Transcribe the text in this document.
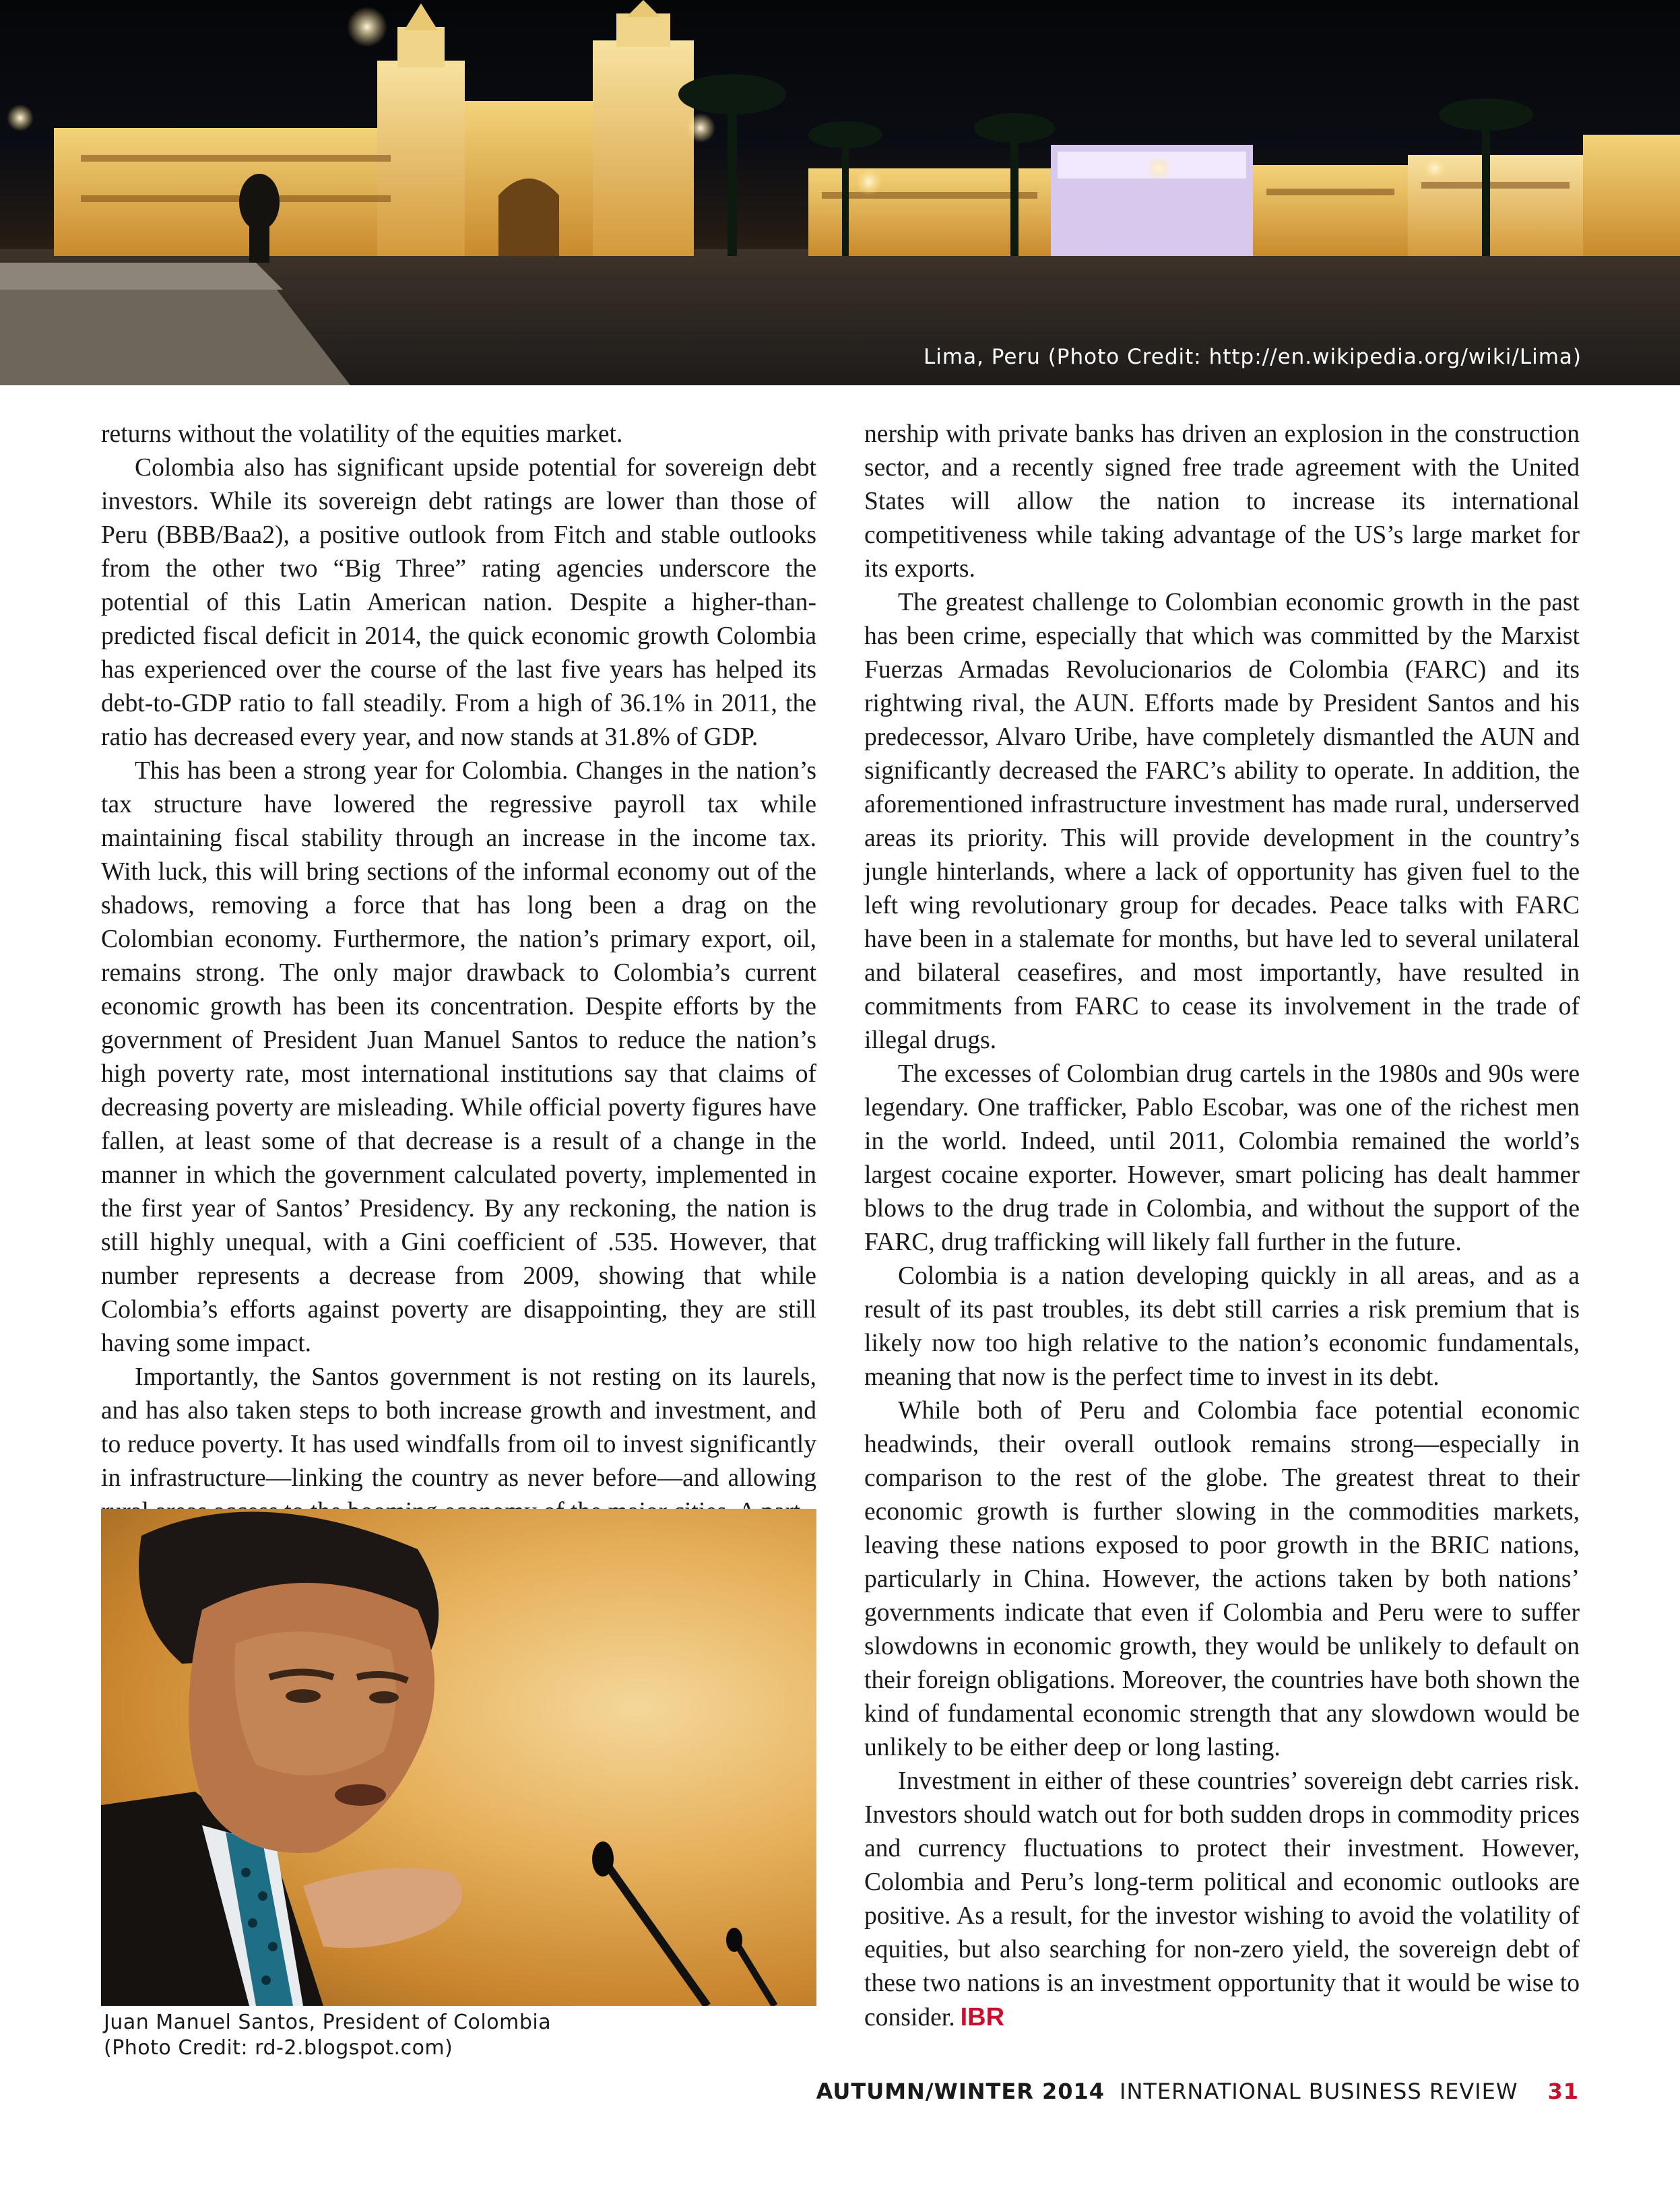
Lima, Peru (Photo Credit: http://en.wikipedia.org/wiki/Lima)

returns without the volatility of the equities market.

Colombia also has significant upside potential for sovereign debt investors. While its sovereign debt ratings are lower than those of Peru (BBB/Baa2), a positive outlook from Fitch and stable outlooks from the other two “Big Three” rating agencies underscore the potential of this Latin American nation. Despite a higher-than-predicted fiscal deficit in 2014, the quick economic growth Colombia has experienced over the course of the last five years has helped its debt-to-GDP ratio to fall steadily. From a high of 36.1% in 2011, the ratio has decreased every year, and now stands at 31.8% of GDP.

This has been a strong year for Colombia. Changes in the nation’s tax structure have lowered the regressive payroll tax while maintaining fiscal stability through an increase in the income tax. With luck, this will bring sections of the informal economy out of the shadows, removing a force that has long been a drag on the Colombian economy. Furthermore, the nation’s primary export, oil, remains strong. The only major drawback to Colombia’s current economic growth has been its concentration. Despite efforts by the government of President Juan Manuel Santos to reduce the nation’s high poverty rate, most international institutions say that claims of decreasing poverty are misleading. While official poverty figures have fallen, at least some of that decrease is a result of a change in the manner in which the government calculated poverty, implemented in the first year of Santos’ Presidency. By any reckoning, the nation is still highly unequal, with a Gini coefficient of .535. However, that number represents a decrease from 2009, showing that while Colombia’s efforts against poverty are disappointing, they are still having some impact.

Importantly, the Santos government is not resting on its laurels, and has also taken steps to both increase growth and investment, and to reduce poverty. It has used windfalls from oil to invest significantly in infrastructure—linking the country as never before—and allowing

Juan Manuel Santos, President of Colombia
(Photo Credit: rd-2.blogspot.com)

nership with private banks has driven an explosion in the construction sector, and a recently signed free trade agreement with the United States will allow the nation to increase its international competitiveness while taking advantage of the US’s large market for its exports.

The greatest challenge to Colombian economic growth in the past has been crime, especially that which was committed by the Marxist Fuerzas Armadas Revolucionarios de Colombia (FARC) and its rightwing rival, the AUN. Efforts made by President Santos and his predecessor, Alvaro Uribe, have completely dismantled the AUN and significantly decreased the FARC’s ability to operate. In addition, the aforementioned infrastructure investment has made rural, underserved areas its priority. This will provide development in the country’s jungle hinterlands, where a lack of opportunity has given fuel to the left wing revolutionary group for decades. Peace talks with FARC have been in a stalemate for months, but have led to several unilateral and bilateral ceasefires, and most importantly, have resulted in commitments from FARC to cease its involvement in the trade of illegal drugs.

The excesses of Colombian drug cartels in the 1980s and 90s were legendary. One trafficker, Pablo Escobar, was one of the richest men in the world. Indeed, until 2011, Colombia remained the world’s largest cocaine exporter. However, smart policing has dealt hammer blows to the drug trade in Colombia, and without the support of the FARC, drug trafficking will likely fall further in the future.

Colombia is a nation developing quickly in all areas, and as a result of its past troubles, its debt still carries a risk premium that is likely now too high relative to the nation’s economic fundamentals, meaning that now is the perfect time to invest in its debt.

While both of Peru and Colombia face potential economic headwinds, their overall outlook remains strong—especially in comparison to the rest of the globe. The greatest threat to their economic growth is further slowing in the commodities markets, leaving these nations exposed to poor growth in the BRIC nations, particularly in China. However, the actions taken by both nations’ governments indicate that even if Colombia and Peru were to suffer slowdowns in economic growth, they would be unlikely to default on their foreign obligations. Moreover, the countries have both shown the kind of fundamental economic strength that any slowdown would be unlikely to be either deep or long lasting.

Investment in either of these countries’ sovereign debt carries risk. Investors should watch out for both sudden drops in commodity prices and currency fluctuations to protect their investment. However, Colombia and Peru’s long-term political and economic outlooks are positive. As a result, for the investor wishing to avoid the volatility of equities, but also searching for non-zero yield, the sovereign debt of these two nations is an investment opportunity that it would be wise to consider. IBR

AUTUMN/WINTER 2014 INTERNATIONAL BUSINESS REVIEW 31
